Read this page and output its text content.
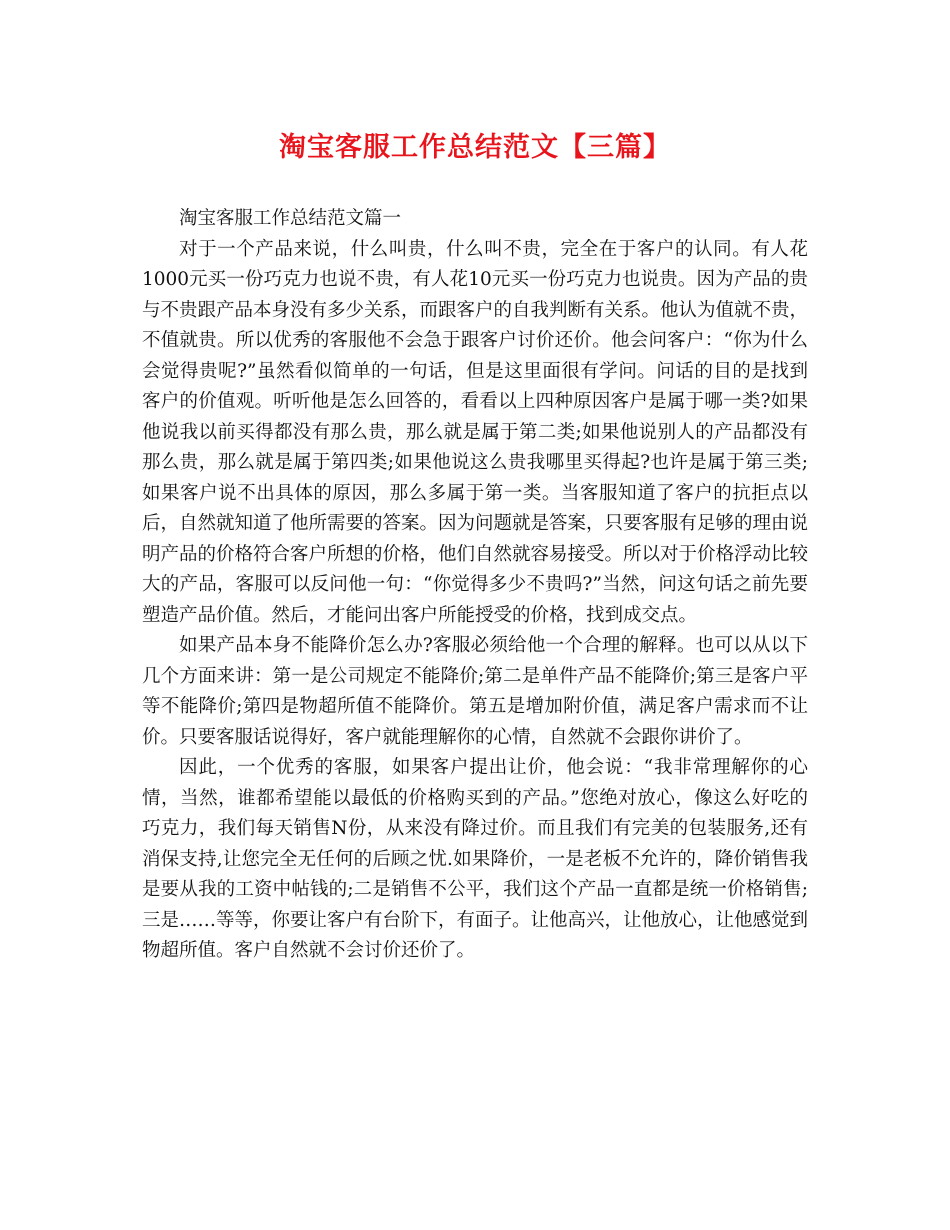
淘宝客服工作总结范文【三篇】

淘宝客服工作总结范文篇一

对于一个产品来说，什么叫贵，什么叫不贵，完全在于客户的认同。有人花1000元买一份巧克力也说不贵，有人花10元买一份巧克力也说贵。因为产品的贵与不贵跟产品本身没有多少关系，而跟客户的自我判断有关系。他认为值就不贵，不值就贵。所以优秀的客服他不会急于跟客户讨价还价。他会问客户：“你为什么会觉得贵呢?”虽然看似简单的一句话，但是这里面很有学问。问话的目的是找到客户的价值观。听听他是怎么回答的，看看以上四种原因客户是属于哪一类?如果他说我以前买得都没有那么贵，那么就是属于第二类;如果他说别人的产品都没有那么贵，那么就是属于第四类;如果他说这么贵我哪里买得起?也许是属于第三类;如果客户说不出具体的原因，那么多属于第一类。当客服知道了客户的抗拒点以后，自然就知道了他所需要的答案。因为问题就是答案，只要客服有足够的理由说明产品的价格符合客户所想的价格，他们自然就容易接受。所以对于价格浮动比较大的产品，客服可以反问他一句：“你觉得多少不贵吗?”当然，问这句话之前先要塑造产品价值。然后，才能问出客户所能授受的价格，找到成交点。

如果产品本身不能降价怎么办?客服必须给他一个合理的解释。也可以从以下几个方面来讲：第一是公司规定不能降价;第二是单件产品不能降价;第三是客户平等不能降价;第四是物超所值不能降价。第五是增加附价值，满足客户需求而不让价。只要客服话说得好，客户就能理解你的心情，自然就不会跟你讲价了。

因此，一个优秀的客服，如果客户提出让价，他会说：“我非常理解你的心情，当然，谁都希望能以最低的价格购买到的产品。”您绝对放心，像这么好吃的巧克力，我们每天销售N份，从来没有降过价。而且我们有完美的包装服务,还有消保支持,让您完全无任何的后顾之忧.如果降价，一是老板不允许的，降价销售我是要从我的工资中帖钱的;二是销售不公平，我们这个产品一直都是统一价格销售;三是……等等，你要让客户有台阶下，有面子。让他高兴，让他放心，让他感觉到物超所值。客户自然就不会讨价还价了。
